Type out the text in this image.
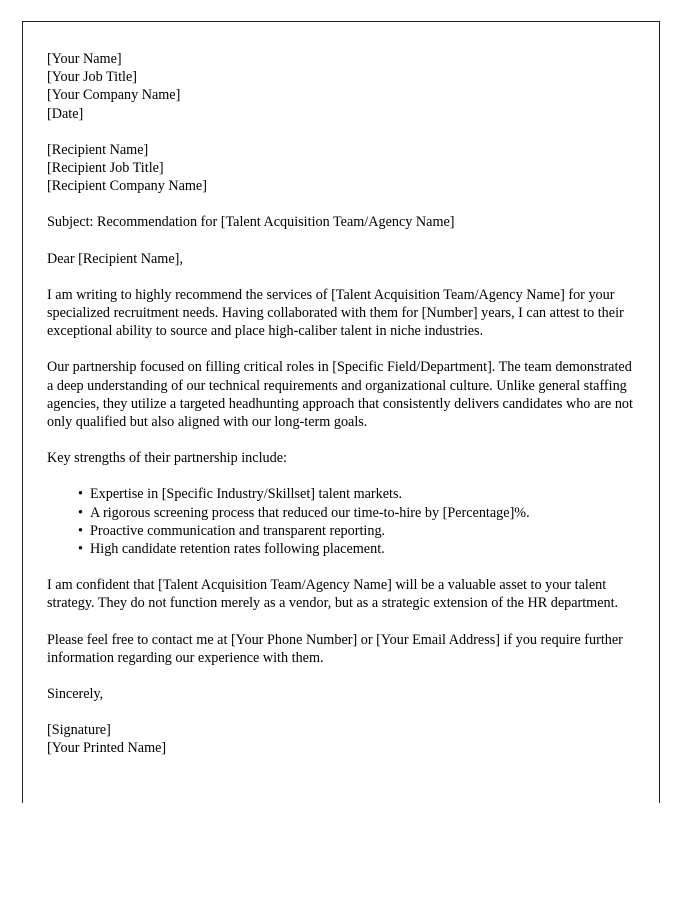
[Your Name]
[Your Job Title]
[Your Company Name]
[Date]
[Recipient Name]
[Recipient Job Title]
[Recipient Company Name]

Subject: Recommendation for [Talent Acquisition Team/Agency Name]

Dear [Recipient Name],

I am writing to highly recommend the services of [Talent Acquisition Team/Agency Name] for your specialized recruitment needs. Having collaborated with them for [Number] years, I can attest to their exceptional ability to source and place high-caliber talent in niche industries.

Our partnership focused on filling critical roles in [Specific Field/Department]. The team demonstrated a deep understanding of our technical requirements and organizational culture. Unlike general staffing agencies, they utilize a targeted headhunting approach that consistently delivers candidates who are not only qualified but also aligned with our long-term goals.

Key strengths of their partnership include:

• Expertise in [Specific Industry/Skillset] talent markets.
• A rigorous screening process that reduced our time-to-hire by [Percentage]%.
• Proactive communication and transparent reporting.
• High candidate retention rates following placement.

I am confident that [Talent Acquisition Team/Agency Name] will be a valuable asset to your talent strategy. They do not function merely as a vendor, but as a strategic extension of the HR department.

Please feel free to contact me at [Your Phone Number] or [Your Email Address] if you require further information regarding our experience with them.

Sincerely,

[Signature]
[Your Printed Name]
